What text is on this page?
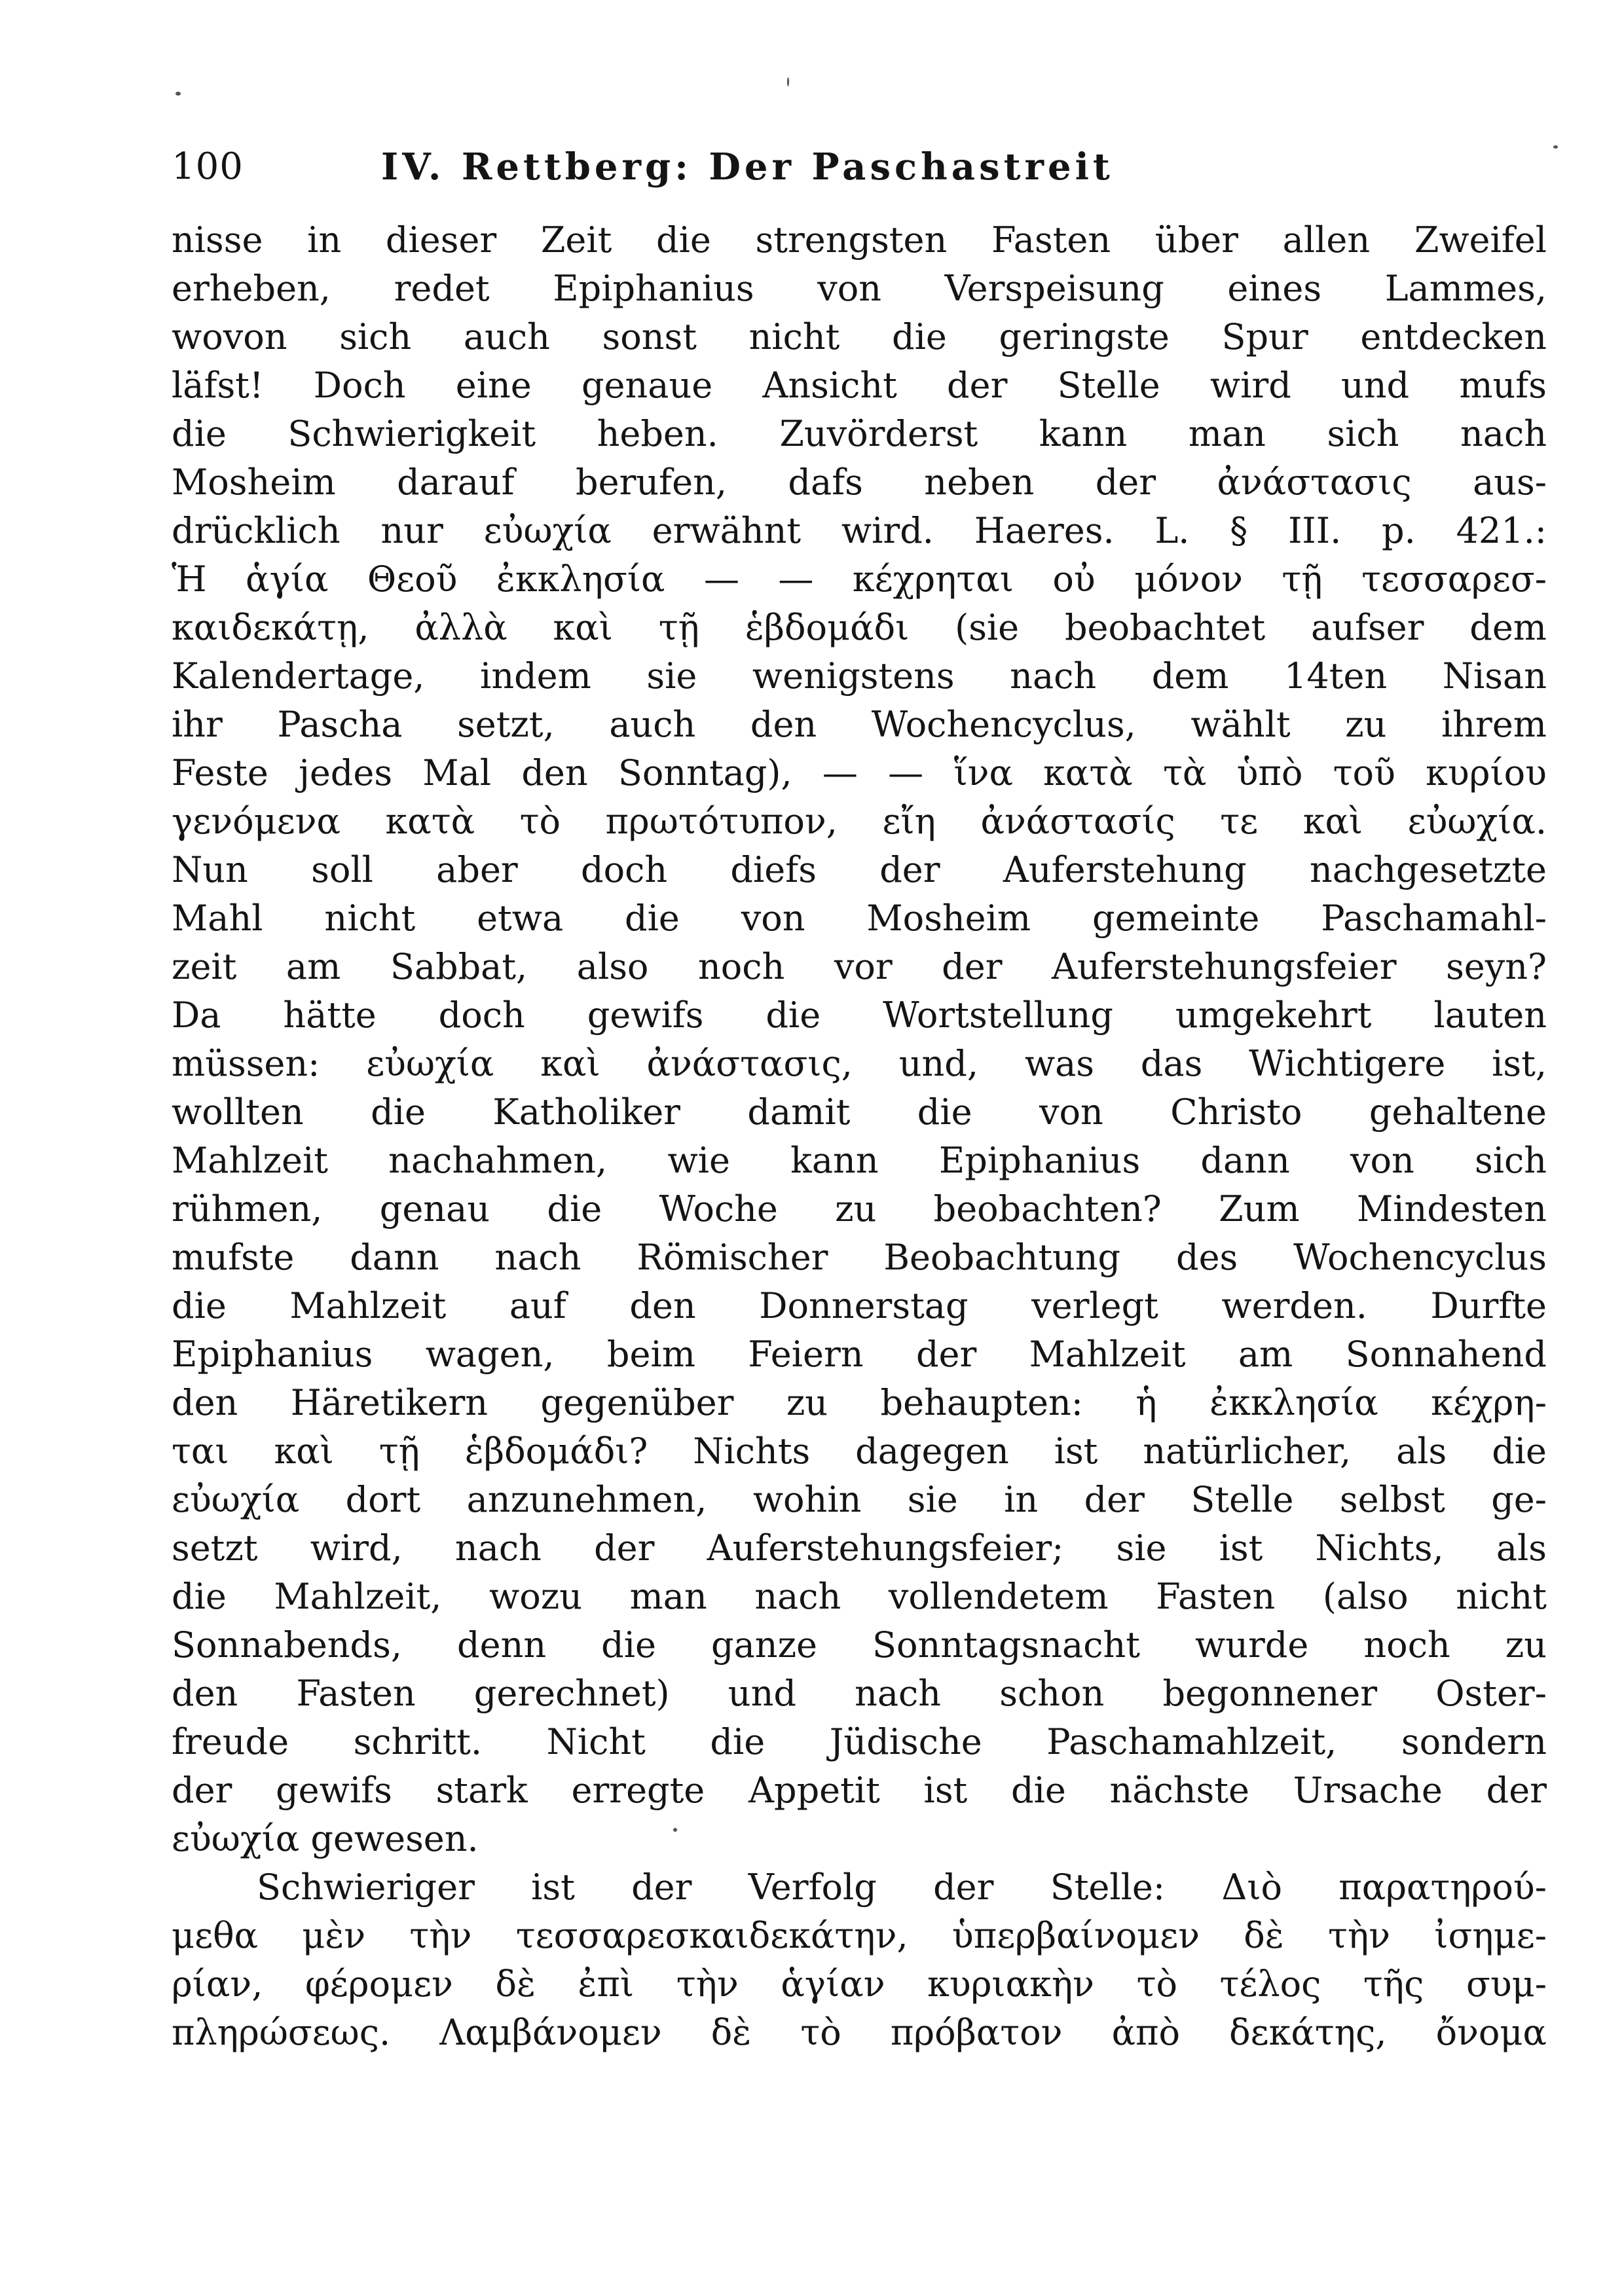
100	IV. Rettberg: Der Paschastreit
nisse in dieser Zeit die strengsten Fasten über allen Zweifel
erheben, redet Epiphanius von Verspeisung eines Lammes,
wovon sich auch sonst nicht die geringste Spur entdecken
läfst! Doch eine genaue Ansicht der Stelle wird und mufs
die Schwierigkeit heben. Zuvörderst kann man sich nach
Mosheim darauf berufen, dafs neben der ἀνάστασις aus-
drücklich nur εὐωχία erwähnt wird. Haeres. L. § III. p. 421.:
Ἡ ἁγία Θεοῦ ἐκκλησία — — κέχρηται οὐ μόνον τῇ τεσσαρεσ-
καιδεκάτῃ, ἀλλὰ καὶ τῇ ἑβδομάδι (sie beobachtet aufser dem
Kalendertage, indem sie wenigstens nach dem 14ten Nisan
ihr Pascha setzt, auch den Wochencyclus, wählt zu ihrem
Feste jedes Mal den Sonntag), — — ἵνα κατὰ τὰ ὑπὸ τοῦ κυρίου
γενόμενα κατὰ τὸ πρωτότυπον, εἴη ἀνάστασίς τε καὶ εὐωχία.
Nun soll aber doch diefs der Auferstehung nachgesetzte
Mahl nicht etwa die von Mosheim gemeinte Paschamahl-
zeit am Sabbat, also noch vor der Auferstehungsfeier seyn?
Da hätte doch gewifs die Wortstellung umgekehrt lauten
müssen: εὐωχία καὶ ἀνάστασις, und, was das Wichtigere ist,
wollten die Katholiker damit die von Christo gehaltene
Mahlzeit nachahmen, wie kann Epiphanius dann von sich
rühmen, genau die Woche zu beobachten? Zum Mindesten
mufste dann nach Römischer Beobachtung des Wochencyclus
die Mahlzeit auf den Donnerstag verlegt werden. Durfte
Epiphanius wagen, beim Feiern der Mahlzeit am Sonnahend
den Häretikern gegenüber zu behaupten: ἡ ἐκκλησία κέχρη-
ται καὶ τῇ ἑβδομάδι? Nichts dagegen ist natürlicher, als die
εὐωχία dort anzunehmen, wohin sie in der Stelle selbst ge-
setzt wird, nach der Auferstehungsfeier; sie ist Nichts, als
die Mahlzeit, wozu man nach vollendetem Fasten (also nicht
Sonnabends, denn die ganze Sonntagsnacht wurde noch zu
den Fasten gerechnet) und nach schon begonnener Oster-
freude schritt. Nicht die Jüdische Paschamahlzeit, sondern
der gewifs stark erregte Appetit ist die nächste Ursache der
εὐωχία gewesen.
Schwieriger ist der Verfolg der Stelle: Διὸ παρατηρού-
μεθα μὲν τὴν τεσσαρεσκαιδεκάτην, ὑπερβαίνομεν δὲ τὴν ἰσημε-
ρίαν, φέρομεν δὲ ἐπὶ τὴν ἁγίαν κυριακὴν τὸ τέλος τῆς συμ-
πληρώσεως. Λαμβάνομεν δὲ τὸ πρόβατον ἀπὸ δεκάτης, ὄνομα
